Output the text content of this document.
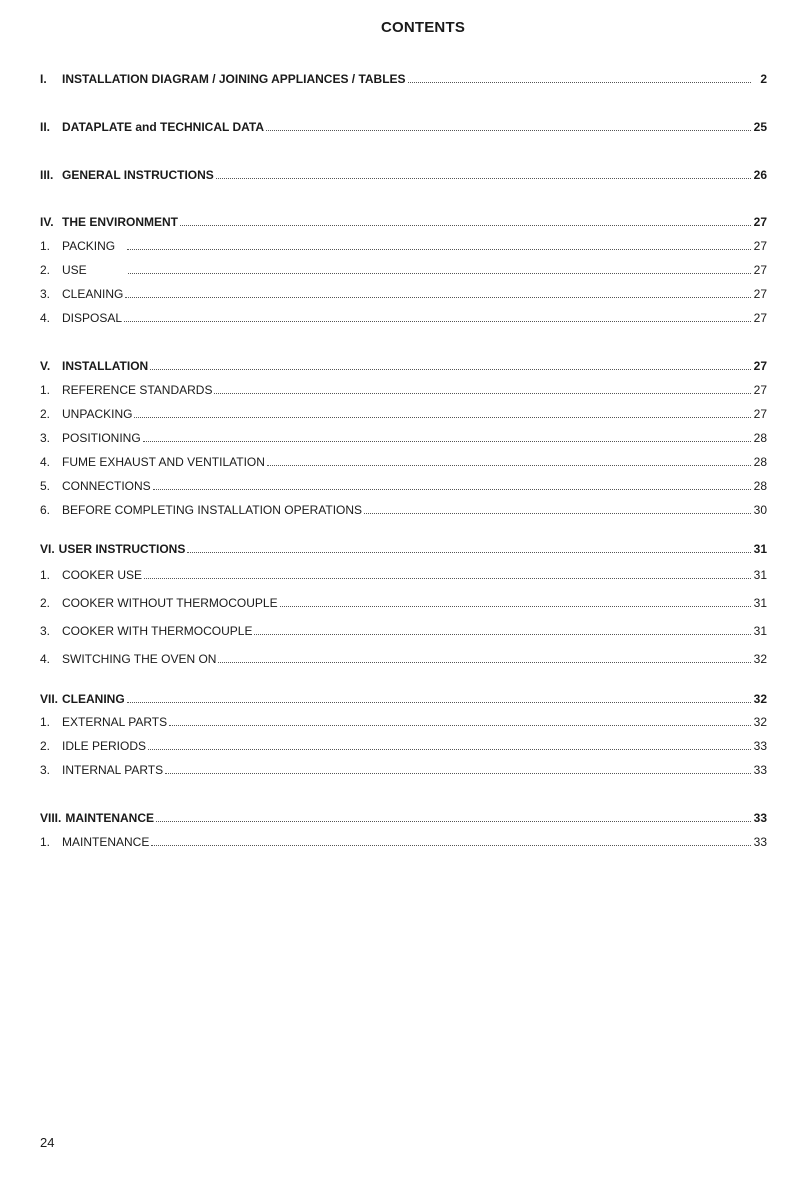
CONTENTS
I.	INSTALLATION DIAGRAM / JOINING APPLIANCES / TABLES	2
II. DATAPLATE and TECHNICAL DATA	25
III. GENERAL INSTRUCTIONS	26
IV. THE ENVIRONMENT	27
1. PACKING	27
2. USE	27
3. CLEANING	27
4. DISPOSAL	27
V. INSTALLATION	27
1. REFERENCE STANDARDS	27
2. UNPACKING	27
3. POSITIONING	28
4. FUME EXHAUST AND VENTILATION	28
5. CONNECTIONS	28
6. BEFORE COMPLETING INSTALLATION OPERATIONS	30
VI. USER INSTRUCTIONS	31
1. COOKER USE	31
2. COOKER WITHOUT THERMOCOUPLE	31
3. COOKER WITH THERMOCOUPLE	31
4. SWITCHING THE OVEN ON	32
VII. CLEANING	32
1. EXTERNAL PARTS	32
2. IDLE PERIODS	33
3. INTERNAL PARTS	33
VIII. MAINTENANCE	33
1. MAINTENANCE	33
24
